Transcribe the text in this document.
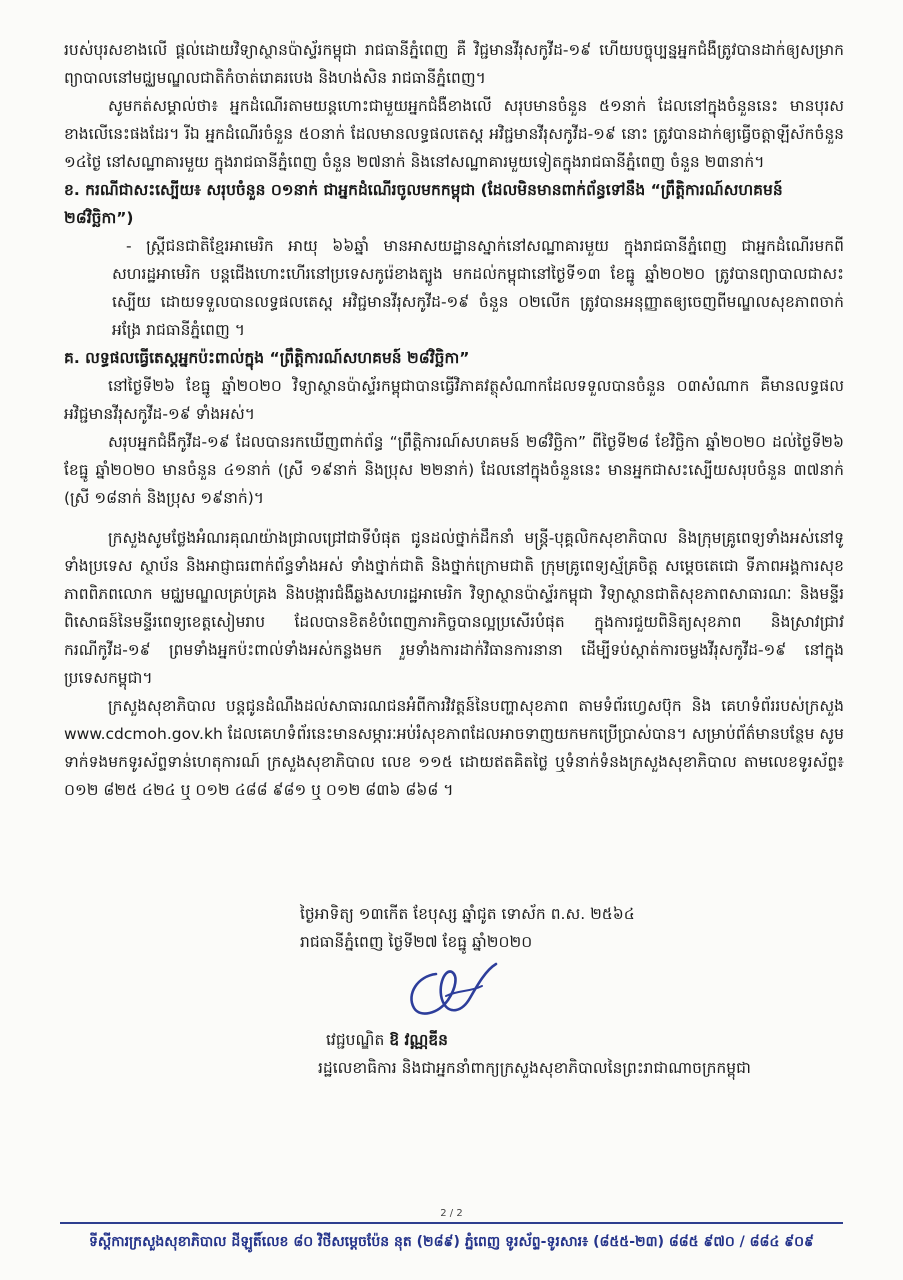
របស់បុរសខាងលើ ផ្តល់ដោយវិទ្យាស្ថានប៉ាស្ទ័រកម្ពុជា រាជធានីភ្នំពេញ គឺ វិជ្ជមានវីរុសកូវីដ-១៩ ហើយបច្ចុប្បន្នអ្នកជំងឺត្រូវបានដាក់ឲ្យសម្រាកព្យាបាលនៅមជ្ឈមណ្ឌលជាតិកំចាត់រោគរបេង និងហង់សិន រាជធានីភ្នំពេញ។

សូមកត់សម្គាល់ថា៖ អ្នកដំណើរតាមយន្តហោះជាមួយអ្នកជំងឺខាងលើ សរុបមានចំនួន ៥១នាក់ ដែលនៅក្នុងចំនួននេះ មានបុរសខាងលើនេះផងដែរ។ រីឯ អ្នកដំណើរចំនួន ៥០នាក់ ដែលមានលទ្ធផលតេស្ត អវិជ្ជមានវីរុសកូវីដ-១៩ នោះ ត្រូវបានដាក់ឲ្យធ្វើចត្តាឡីស័កចំនួន ១៤ថ្ងៃ នៅសណ្ឋាគារមួយ ក្នុងរាជធានីភ្នំពេញ ចំនួន ២៧នាក់ និងនៅសណ្ឋាគារមួយទៀតក្នុងរាជធានីភ្នំពេញ ចំនួន ២៣នាក់។

ខ. ករណីជាសះស្បើយ៖ សរុបចំនួន ០១នាក់ ជាអ្នកដំណើរចូលមកកម្ពុជា (ដែលមិនមានពាក់ព័ន្ធទៅនឹង “ព្រឹត្តិការណ៍សហគមន៍ ២៨វិច្ឆិកា”)

- ស្ត្រីជនជាតិខ្មែរអាមេរិក អាយុ ៦៦ឆ្នាំ មានអាសយដ្ឋានស្នាក់នៅសណ្ឋាគារមួយ ក្នុងរាជធានីភ្នំពេញ ជាអ្នកដំណើរមកពីសហរដ្ឋអាមេរិក បន្តជើងហោះហើរនៅប្រទេសកូរ៉េខាងត្បូង មកដល់កម្ពុជានៅថ្ងៃទី១៣ ខែធ្នូ ឆ្នាំ២០២០ ត្រូវបានព្យាបាលជាសះស្បើយ ដោយទទួលបានលទ្ធផលតេស្ត អវិជ្ជមានវីរុសកូវីដ-១៩ ចំនួន ០២លើក ត្រូវបានអនុញ្ញាតឲ្យចេញពីមណ្ឌលសុខភាពចាក់អង្រែ រាជធានីភ្នំពេញ ។

គ. លទ្ធផលធ្វើតេស្តអ្នកប៉ះពាល់ក្នុង “ព្រឹត្តិការណ៍សហគមន៍ ២៨វិច្ឆិកា”

នៅថ្ងៃទី២៦ ខែធ្នូ ឆ្នាំ២០២០ វិទ្យាស្ថានប៉ាស្ទ័រកម្ពុជាបានធ្វើវិភាគវត្ថុសំណាកដែលទទួលបានចំនួន ០៣សំណាក គឺមានលទ្ធផល អវិជ្ជមានវីរុសកូវីដ-១៩ ទាំងអស់។

សរុបអ្នកជំងឺកូវីដ-១៩ ដែលបានរកឃើញពាក់ព័ន្ធ “ព្រឹត្តិការណ៍សហគមន៍ ២៨វិច្ឆិកា” ពីថ្ងៃទី២៨ ខែវិច្ឆិកា ឆ្នាំ២០២០ ដល់ថ្ងៃទី២៦ ខែធ្នូ ឆ្នាំ២០២០ មានចំនួន ៤១នាក់ (ស្រី ១៩នាក់ និងប្រុស ២២នាក់) ដែលនៅក្នុងចំនួននេះ មានអ្នកជាសះស្បើយសរុបចំនួន ៣៧នាក់ (ស្រី ១៨នាក់ និងប្រុស ១៩នាក់)។

ក្រសួងសូមថ្លែងអំណរគុណយ៉ាងជ្រាលជ្រៅជាទីបំផុត ជូនដល់ថ្នាក់ដឹកនាំ មន្ត្រី-បុគ្គលិកសុខាភិបាល និងក្រុមគ្រូពេទ្យទាំងអស់នៅទូទាំងប្រទេស ស្ថាប័ន និងអាជ្ញាធរពាក់ព័ន្ធទាំងអស់ ទាំងថ្នាក់ជាតិ និងថ្នាក់ក្រោមជាតិ ក្រុមគ្រូពេទ្យស្ម័គ្រចិត្ត សម្តេចតេជោ ទីភាពអង្គការសុខភាពពិភពលោក មជ្ឈមណ្ឌលគ្រប់គ្រង និងបង្ការជំងឺឆ្លងសហរដ្ឋអាមេរិក វិទ្យាស្ថានប៉ាស្ទ័រកម្ពុជា វិទ្យាស្ថានជាតិសុខភាពសាធារណៈ និងមន្ទីរពិសោធន៍នៃមន្ទីរពេទ្យខេត្តសៀមរាប ដែលបានខិតខំបំពេញភារកិច្ចបានល្អប្រសើរបំផុត ក្នុងការជួយពិនិត្យសុខភាព និងស្រាវជ្រាវករណីកូវីដ-១៩ ព្រមទាំងអ្នកប៉ះពាល់ទាំងអស់កន្លងមក រួមទាំងការដាក់វិធានការនានា ដើម្បីទប់ស្កាត់ការចម្លងវីរុសកូវីដ-១៩ នៅក្នុងប្រទេសកម្ពុជា។

ក្រសួងសុខាភិបាល បន្តជូនដំណឹងដល់សាធារណជនអំពីការវិវត្តន៍នៃបញ្ហាសុខភាព តាមទំព័រហ្វេសប៊ុក និង គេហទំព័ររបស់ក្រសួង www.cdcmoh.gov.kh ដែលគេហទំព័រនេះមានសម្ភារៈអប់រំសុខភាពដែលអាចទាញយកមកប្រើប្រាស់បាន។ សម្រាប់ព័ត៌មានបន្ថែម សូមទាក់ទងមកទូរស័ព្ទទាន់ហេតុការណ៍ ក្រសួងសុខាភិបាល លេខ ១១៥ ដោយឥតគិតថ្លៃ ឬទំនាក់ទំនងក្រសួងសុខាភិបាល តាមលេខទូរស័ព្ទ៖ ០១២ ៨២៥ ៤២៤ ឬ ០១២ ៤៨៨ ៩៨១ ឬ ០១២ ៨៣៦ ៨៦៨ ។

ថ្ងៃអាទិត្យ ១៣កើត ខែបុស្ស ឆ្នាំជូត ទោស័ក ព.ស. ២៥៦៤
រាជធានីភ្នំពេញ ថ្ងៃទី២៧ ខែធ្នូ ឆ្នាំ២០២០
វេជ្ជបណ្ឌិត ឱ វណ្ណឌីន
រដ្ឋលេខាធិការ និងជាអ្នកនាំពាក្យក្រសួងសុខាភិបាលនៃព្រះរាជាណាចក្រកម្ពុជា
2 / 2
ទីស្តីការក្រសួងសុខាភិបាល ដីឡូតិ៍លេខ ៨០ វិថីសម្តេចប៉ែន នុត (២៨៩) ភ្នំពេញ ទូរស័ព្ទ-ទូរសារ៖ (៨៥៥-២៣) ៨៨៥ ៩៧០ / ៨៨៤ ៩០៩
